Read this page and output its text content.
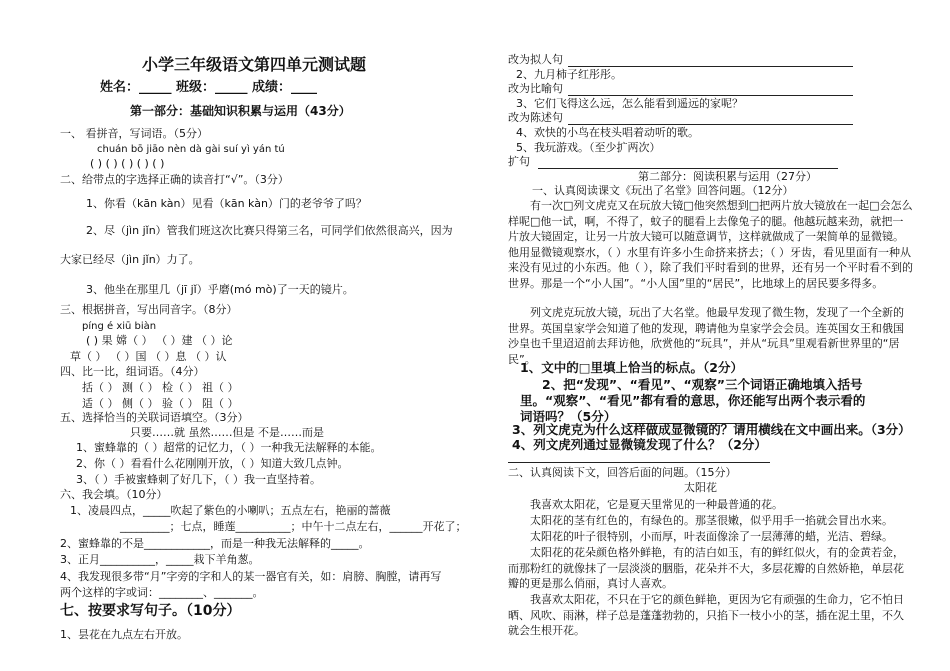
小学三年级语文第四单元测试题
姓名：_____ 班级：_____ 成绩：____
第一部分：基础知识积累与运用（43分）
一、 看拼音，写词语。（5分）
chuán bō jiāo nèn dà gài suí yì yán tú
( ) ( ) ( ) ( ) ( )
二、给带点的字选择正确的读音打“√”。（3分）
1、你看（kān kàn）见看（kān kàn）门的老爷爷了吗？
2、尽（jìn jǐn）管我们班这次比赛只得第三名，可同学们依然很高兴，因为
大家已经尽（jìn jǐn）力了。
3、他坐在那里几（jī jǐ）乎磨(mó mò)了一天的镜片。
三、根据拼音，写出同音字。（8分）
píng é xiū biàn
( ) 果 嫦（ ） （ ）建 （ ）论
草（ ） （ ）国 （ ）息 （ ）认
四、比一比，组词语。（4分）
括（ ） 测（ ） 检（ ） 祖（ ）
适（ ） 侧（ ） 验（ ） 阻（ ）
五、选择恰当的关联词语填空。（3分）
只要……就 虽然……但是 不是……而是
1、蜜蜂靠的（ ）超常的记忆力，（ ）一种我无法解释的本能。
2、你（ ）看看什么花刚刚开放，（ ）知道大致几点钟。
3、（ ）手被蜜蜂刺了好几下，（ ）我一直坚持着。
六、我会填。（10分）
1、凌晨四点，_____吹起了紫色的小喇叭；五点左右，艳丽的蔷薇
_________；七点，睡莲__________；中午十二点左右，______开花了；
2、蜜蜂靠的不是____________，而是一种我无法解释的_____。
3、正月__________，_____栽下羊角葱。
4、我发现很多带“月”字旁的字和人的某一器官有关，如：肩膀、胸膛，请再写
两个这样的字或词：________、_______。
七、按要求写句子。（10分）
1、昙花在九点左右开放。
改为拟人句
2、九月柿子红彤彤。
改为比喻句
3、它们飞得这么远，怎么能看到遥远的家呢？
改为陈述句
4、欢快的小鸟在枝头唱着动听的歌。
5、我玩游戏。（至少扩两次）
扩句
第二部分：阅读积累与运用（27分）
一、认真阅读课文《玩出了名堂》回答问题。（12分）
有一次□列文虎克又在玩放大镜□他突然想到□把两片放大镜放在一起□会怎么样呢□他一试，啊，不得了，蚊子的腿看上去像兔子的腿。他越玩越来劲，就把一片放大镜固定，让另一片放大镜可以随意调节，这样就做成了一架简单的显微镜。他用显微镜观察水，（ ）水里有许多小生命挤来挤去；（ ）牙齿，看见里面有一种从来没有见过的小东西。他（ ），除了我们平时看到的世界，还有另一个平时看不到的世界。那是一个“小人国”。“小人国”里的“居民”，比地球上的居民要多得多。
列文虎克玩放大镜，玩出了大名堂。他最早发现了微生物，发现了一个全新的世界。英国皇家学会知道了他的发现，聘请他为皇家学会会员。连英国女王和俄国沙皇也千里迢迢前去拜访他，欣赏他的“玩具”，并从“玩具”里观看新世界里的“居民”。
1、文中的□里填上恰当的标点。（2分）
2、把“发现”、“看见”、“观察”三个词语正确地填入括号
里。“观察”、“看见”都有看的意思，你还能写出两个表示看的
词语吗？（5分）
3、列文虎克为什么这样做成显微镜的？请用横线在文中画出来。（3分）
4、列文虎列通过显微镜发现了什么？（2分）
二、认真阅读下文，回答后面的问题。（15分）
太阳花
我喜欢太阳花，它是夏天里常见的一种最普通的花。
太阳花的茎有红色的，有绿色的。那茎很嫩，似乎用手一掐就会冒出水来。
太阳花的叶子很特别，小而厚，叶表面像涂了一层薄薄的蜡，光洁、碧绿。
太阳花的花朵颜色格外鲜艳，有的洁白如玉，有的鲜红似火，有的金黄若金，而那粉红的就像抹了一层淡淡的胭脂，花朵并不大，多层花瓣的自然娇艳，单层花瓣的更是那么俏丽，真讨人喜欢。
我喜欢太阳花，不只在于它的颜色鲜艳，更因为它有顽强的生命力，它不怕日晒、风吹、雨淋，样子总是蓬蓬勃勃的，只掐下一枝小小的茎，插在泥土里，不久就会生根开花。
